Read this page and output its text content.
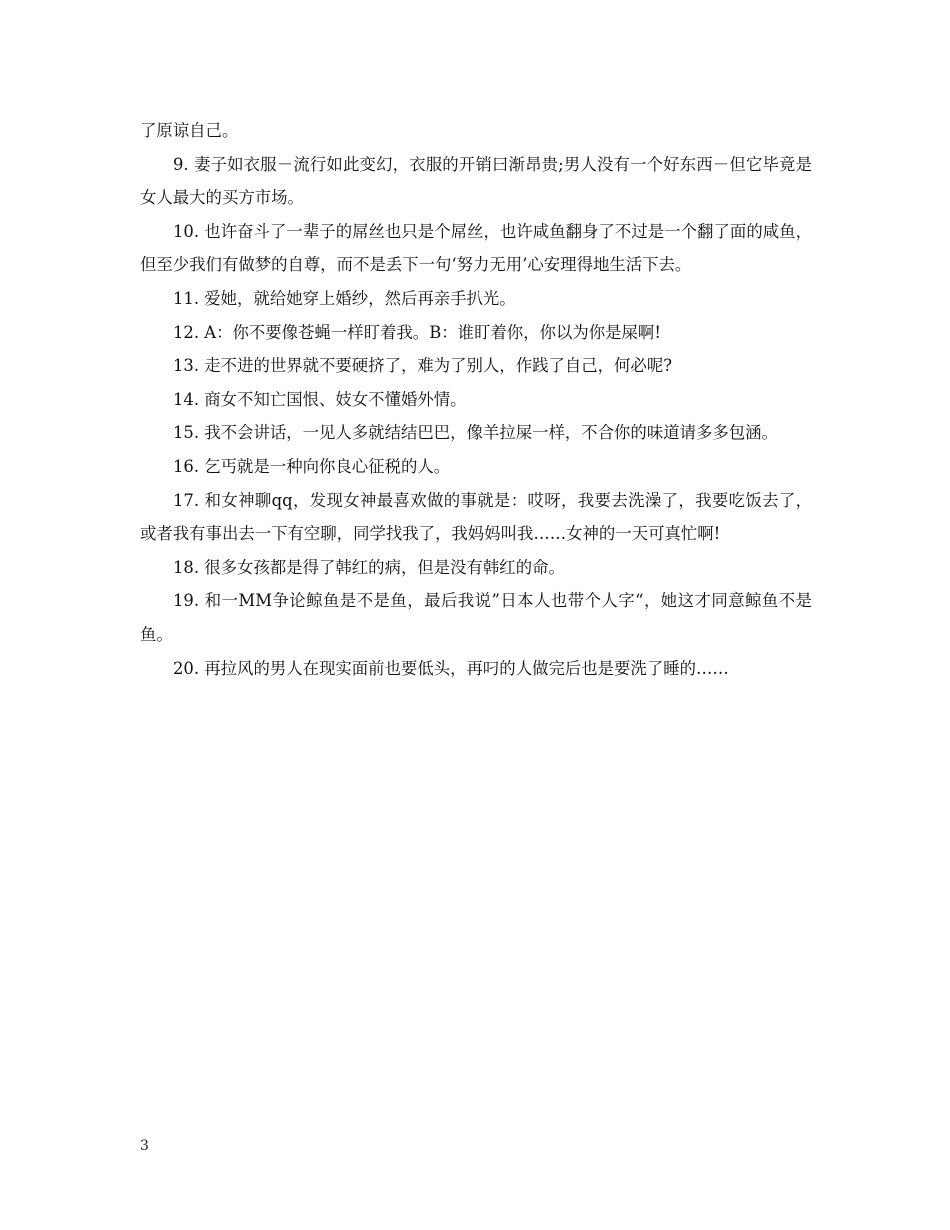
了原谅自己。

9. 妻子如衣服－流行如此变幻，衣服的开销曰渐昂贵;男人没有一个好东西－但它毕竟是女人最大的买方市场。

10. 也许奋斗了一辈子的屌丝也只是个屌丝，也许咸鱼翻身了不过是一个翻了面的咸鱼，但至少我们有做梦的自尊，而不是丢下一句‘努力无用’心安理得地生活下去。

11. 爱她，就给她穿上婚纱，然后再亲手扒光。

12. A：你不要像苍蝇一样盯着我。B：谁盯着你，你以为你是屎啊!

13. 走不进的世界就不要硬挤了，难为了别人，作践了自己，何必呢?

14. 商女不知亡国恨、妓女不懂婚外情。

15. 我不会讲话，一见人多就结结巴巴，像羊拉屎一样，不合你的味道请多多包涵。

16. 乞丐就是一种向你良心征税的人。

17. 和女神聊qq，发现女神最喜欢做的事就是：哎呀，我要去洗澡了，我要吃饭去了，或者我有事出去一下有空聊，同学找我了，我妈妈叫我……女神的一天可真忙啊!

18. 很多女孩都是得了韩红的病，但是没有韩红的命。

19. 和一MM争论鲸鱼是不是鱼，最后我说”日本人也带个人字“，她这才同意鲸鱼不是鱼。

20. 再拉风的男人在现实面前也要低头，再叼的人做完后也是要洗了睡的……

3
